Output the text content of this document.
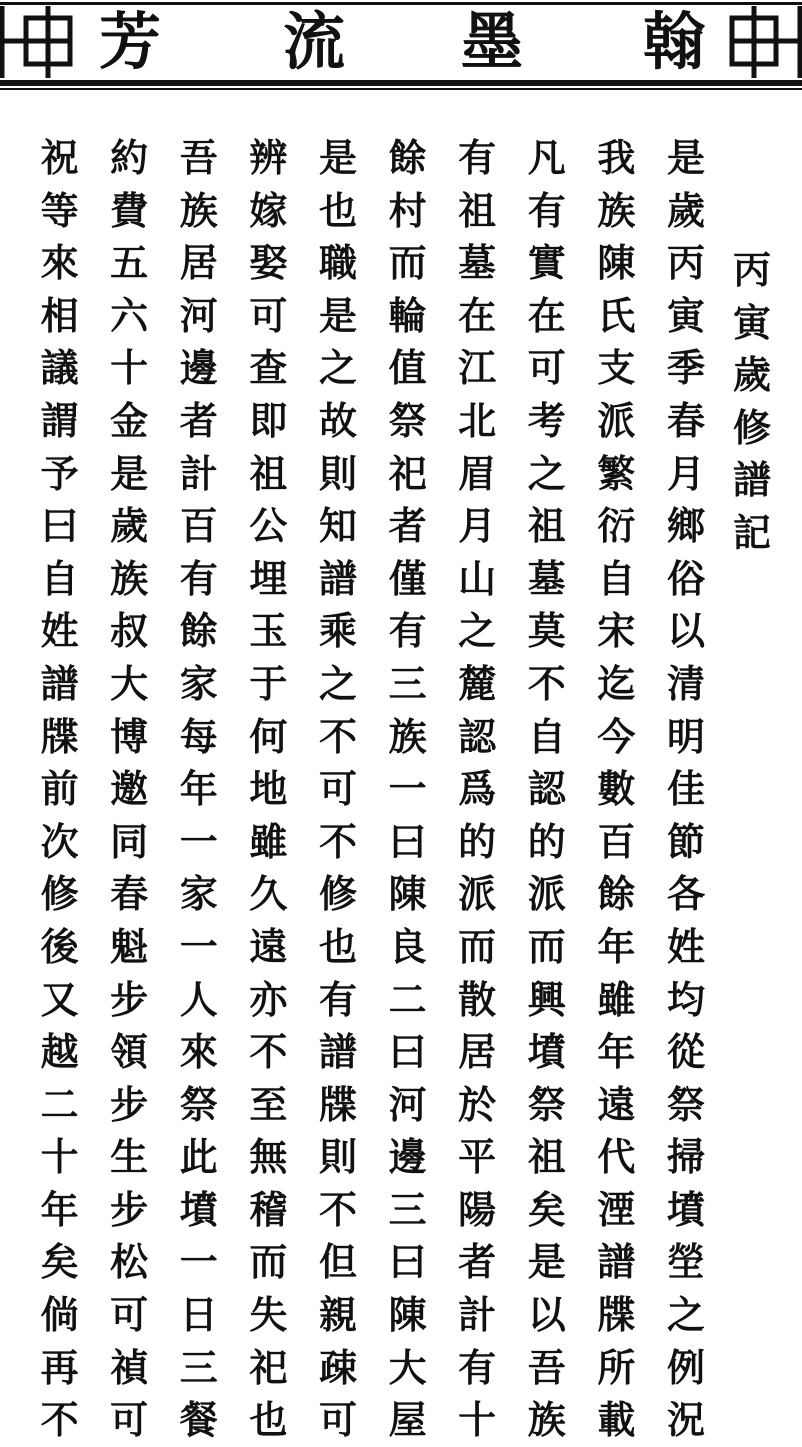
芳 流 墨 翰
丙
寅
歲
修
譜
記
是
歲
丙
寅
季
春
月
鄉
俗
以
清
明
佳
節
各
姓
均
從
祭
掃
墳
塋
之
例
況
我
族
陳
氏
支
派
繁
衍
自
宋
迄
今
數
百
餘
年
雖
年
遠
代
湮
譜
牒
所
載
凡
有
實
在
可
考
之
祖
墓
莫
不
自
認
的
派
而
興
墳
祭
祖
矣
是
以
吾
族
有
祖
墓
在
江
北
眉
月
山
之
麓
認
爲
的
派
而
散
居
於
平
陽
者
計
有
十
餘
村
而
輪
值
祭
祀
者
僅
有
三
族
一
曰
陳
良
二
曰
河
邊
三
曰
陳
大
屋
是
也
職
是
之
故
則
知
譜
乘
之
不
可
不
修
也
有
譜
牒
則
不
但
親
疎
可
辨
嫁
娶
可
查
即
祖
公
埋
玉
于
何
地
雖
久
遠
亦
不
至
無
稽
而
失
祀
也
吾
族
居
河
邊
者
計
百
有
餘
家
每
年
一
家
一
人
來
祭
此
墳
一
日
三
餐
約
費
五
六
十
金
是
歲
族
叔
大
博
邀
同
春
魁
步
領
步
生
步
松
可
禎
可
祝
等
來
相
議
謂
予
曰
自
姓
譜
牒
前
次
修
後
又
越
二
十
年
矣
倘
再
不
